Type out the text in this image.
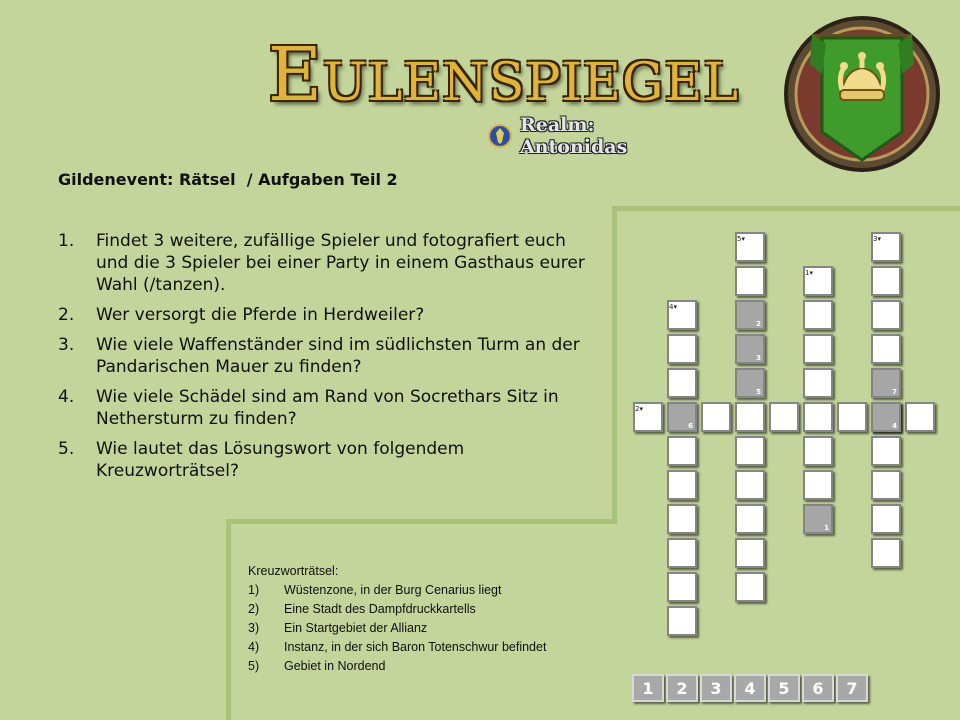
Eulenspiegel
Realm: Antonidas
Gildenevent: Rätsel  / Aufgaben Teil 2
1.	Findet 3 weitere, zufällige Spieler und fotografiert euch und die 3 Spieler bei einer Party in einem Gasthaus eurer Wahl (/tanzen).
2.	Wer versorgt die Pferde in Herdweiler?
3.	Wie viele Waffenständer sind im südlichsten Turm an der Pandarischen Mauer zu finden?
4.	Wie viele Schädel sind am Rand von Socrethars Sitz in Nethersturm zu finden?
5.	Wie lautet das Lösungswort von folgendem Kreuzworträtsel?
Kreuzworträtsel:
1)	Wüstenzone, in der Burg Cenarius liegt
2)	Eine Stadt des Dampfdruckkartells
3)	Ein Startgebiet der Allianz
4)	Instanz, in der sich Baron Totenschwur befindet
5)	Gebiet in Nordend
2
3
5
5▾
1
1▾
7
3▾
6
4▾
4
2▾
1	2	3	4	5	6	7
